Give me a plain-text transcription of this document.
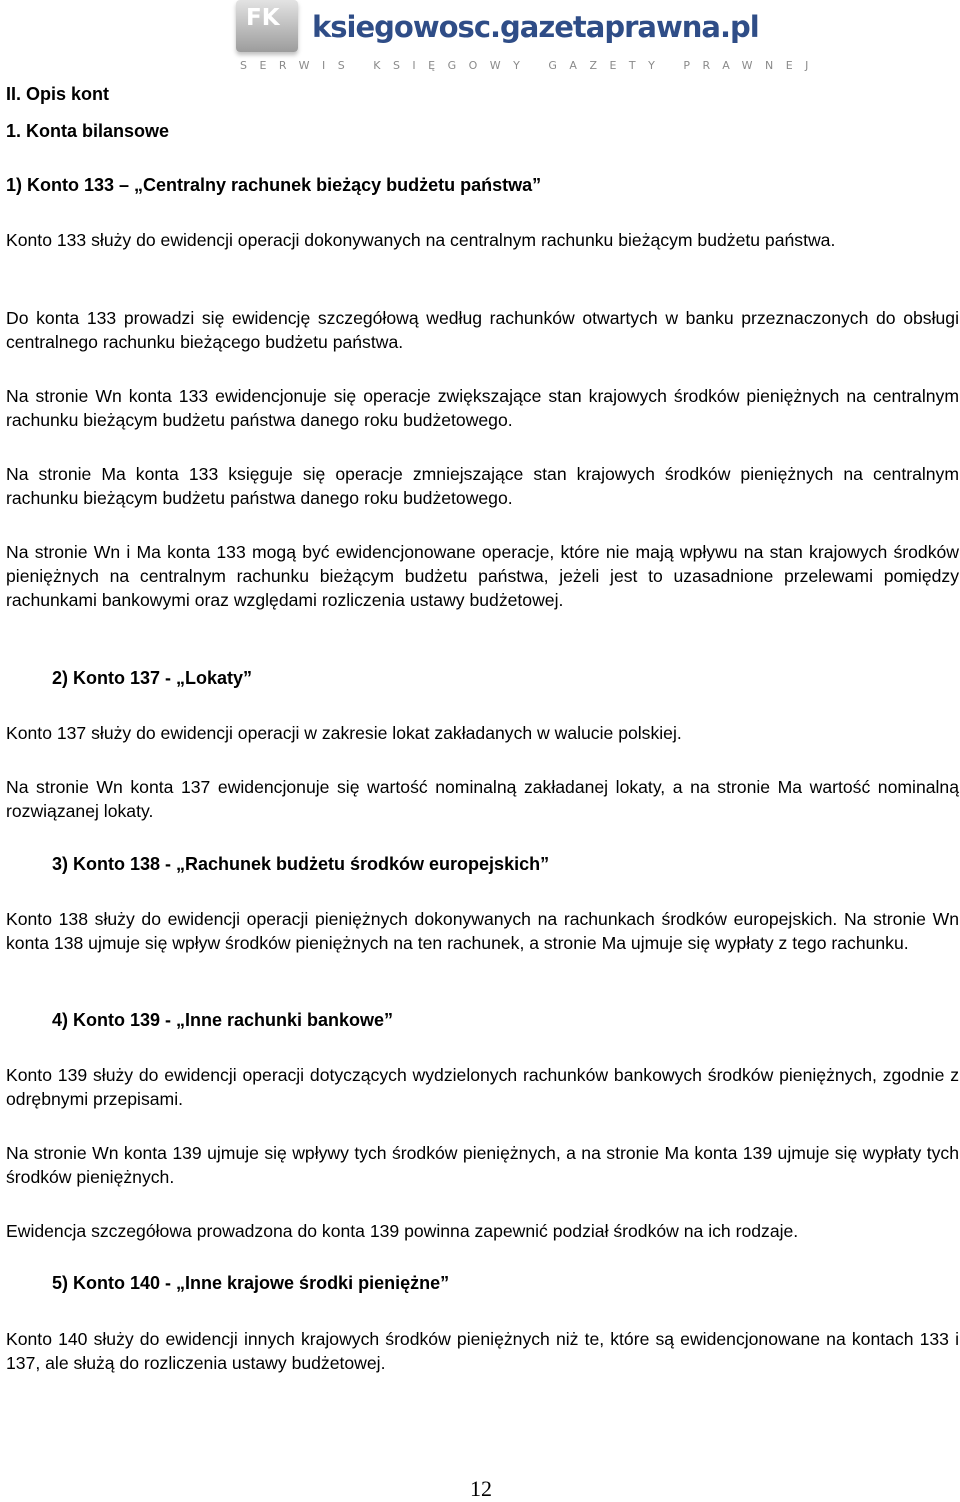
FK ksiegowosc.gazetaprawna.pl
SERWIS KSIĘGOWY GAZETY PRAWNEJ
II. Opis kont
1. Konta bilansowe
1) Konto 133 – „Centralny rachunek bieżący budżetu państwa”
Konto 133 służy do ewidencji operacji dokonywanych na centralnym rachunku bieżącym budżetu państwa.
Do konta 133 prowadzi się ewidencję szczegółową według rachunków otwartych w banku przeznaczonych do obsługi centralnego rachunku bieżącego budżetu państwa.
Na stronie Wn konta 133 ewidencjonuje się operacje zwiększające stan krajowych środków pieniężnych na centralnym rachunku bieżącym budżetu państwa danego roku budżetowego.
Na stronie Ma konta 133 księguje się operacje zmniejszające stan krajowych środków pieniężnych na centralnym rachunku bieżącym budżetu państwa danego roku budżetowego.
Na stronie Wn i Ma konta 133 mogą być ewidencjonowane operacje, które nie mają wpływu na stan krajowych środków pieniężnych na centralnym rachunku bieżącym budżetu państwa, jeżeli jest to uzasadnione przelewami pomiędzy rachunkami bankowymi oraz względami rozliczenia ustawy budżetowej.
2) Konto 137 - „Lokaty”
Konto 137 służy do ewidencji operacji w zakresie lokat zakładanych w walucie polskiej.
Na stronie Wn konta 137 ewidencjonuje się wartość nominalną zakładanej lokaty, a na stronie Ma wartość nominalną rozwiązanej lokaty.
3) Konto 138 - „Rachunek budżetu środków europejskich”
Konto 138 służy do ewidencji operacji pieniężnych dokonywanych na rachunkach środków europejskich. Na stronie Wn konta 138 ujmuje się wpływ środków pieniężnych na ten rachunek, a stronie Ma ujmuje się wypłaty z tego rachunku.
4) Konto 139 - „Inne rachunki bankowe”
Konto 139 służy do ewidencji operacji dotyczących wydzielonych rachunków bankowych środków pieniężnych, zgodnie z odrębnymi przepisami.
Na stronie Wn konta 139 ujmuje się wpływy tych środków pieniężnych, a na stronie Ma konta 139 ujmuje się wypłaty tych środków pieniężnych.
Ewidencja szczegółowa prowadzona do konta 139 powinna zapewnić podział środków na ich rodzaje.
5) Konto 140 - „Inne krajowe środki pieniężne”
Konto 140 służy do ewidencji innych krajowych środków pieniężnych niż te, które są ewidencjonowane na kontach 133 i 137, ale służą do rozliczenia ustawy budżetowej.
12
